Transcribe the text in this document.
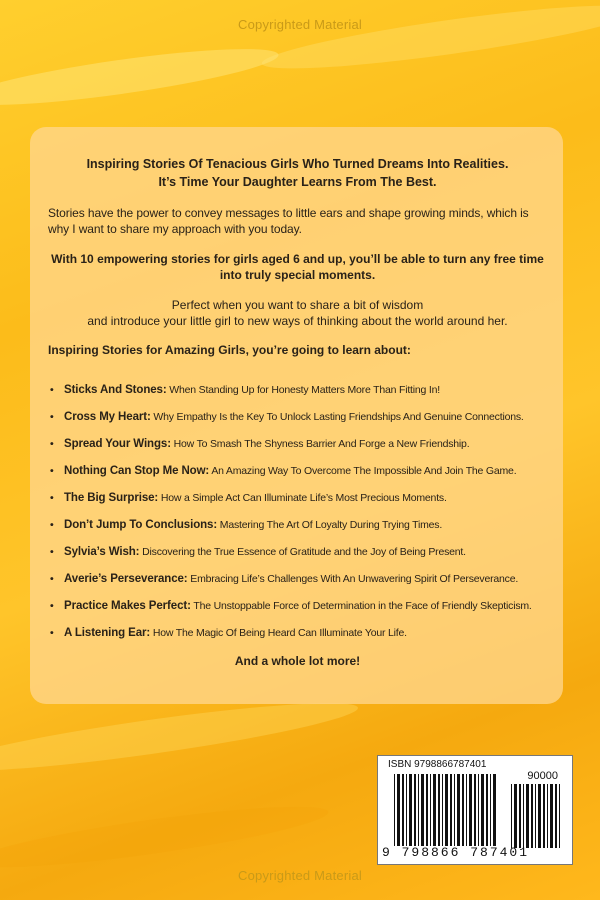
Copyrighted Material
Inspiring Stories Of Tenacious Girls Who Turned Dreams Into Realities.
It’s Time Your Daughter Learns From The Best.
Stories have the power to convey messages to little ears and shape growing minds, which is why I want to share my approach with you today.
With 10 empowering stories for girls aged 6 and up, you’ll be able to turn any free time into truly special moments.
Perfect when you want to share a bit of wisdom
and introduce your little girl to new ways of thinking about the world around her.
Inspiring Stories for Amazing Girls, you’re going to learn about:
• Sticks And Stones: When Standing Up for Honesty Matters More Than Fitting In!
• Cross My Heart: Why Empathy Is the Key To Unlock Lasting Friendships And Genuine Connections.
• Spread Your Wings: How To Smash The Shyness Barrier And Forge a New Friendship.
• Nothing Can Stop Me Now: An Amazing Way To Overcome The Impossible And Join The Game.
• The Big Surprise: How a Simple Act Can Illuminate Life’s Most Precious Moments.
• Don’t Jump To Conclusions: Mastering The Art Of Loyalty During Trying Times.
• Sylvia’s Wish: Discovering the True Essence of Gratitude and the Joy of Being Present.
• Averie’s Perseverance: Embracing Life’s Challenges With An Unwavering Spirit Of Perseverance.
• Practice Makes Perfect: The Unstoppable Force of Determination in the Face of Friendly Skepticism.
• A Listening Ear: How The Magic Of Being Heard Can Illuminate Your Life.
And a whole lot more!
ISBN 9798866787401
90000
9 798866 787401
Copyrighted Material
